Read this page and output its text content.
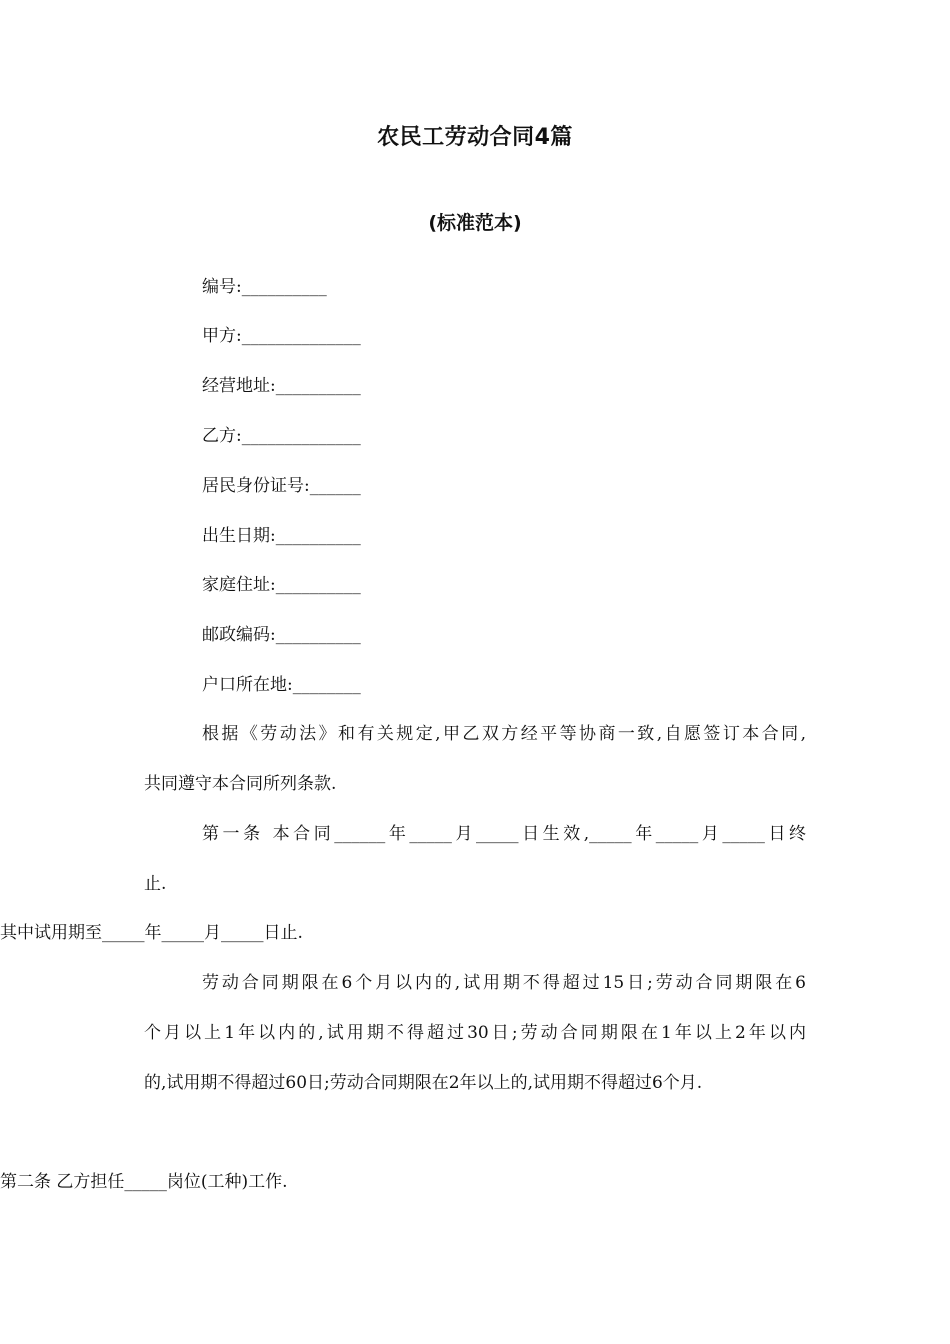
农民工劳动合同4篇
(标准范本)
编号:__________
甲方:______________
经营地址:__________
乙方:______________
居民身份证号:______
出生日期:__________
家庭住址:__________
邮政编码:__________
户口所在地:________
根据《劳动法》和有关规定,甲乙双方经平等协商一致,自愿签订本合同,
共同遵守本合同所列条款.
第一条 本合同______年_____月_____日生效,_____年_____月_____日终
止.
其中试用期至_____年_____月_____日止.
劳动合同期限在6个月以内的,试用期不得超过15日;劳动合同期限在6
个月以上1年以内的,试用期不得超过30日;劳动合同期限在1年以上2年以内
的,试用期不得超过60日;劳动合同期限在2年以上的,试用期不得超过6个月.
第二条 乙方担任_____岗位(工种)工作.
